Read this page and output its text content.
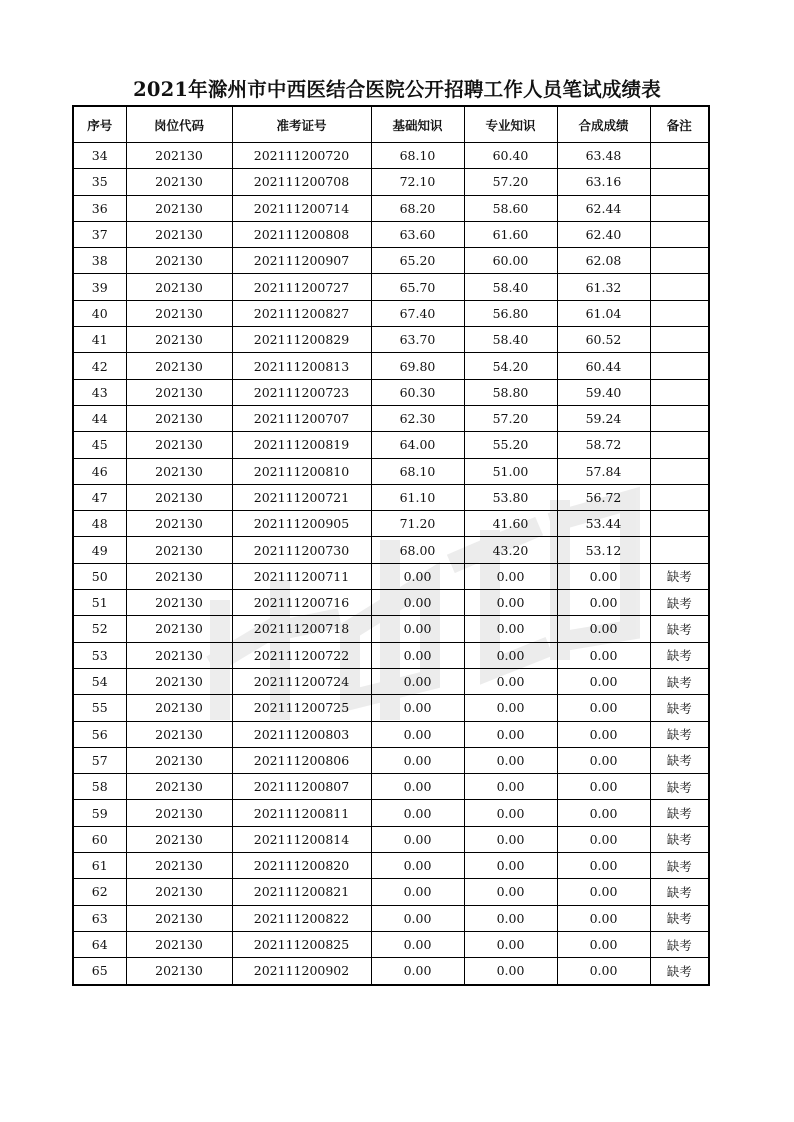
2021年滁州市中西医结合医院公开招聘工作人员笔试成绩表
序号	岗位代码	准考证号	基础知识	专业知识	合成成绩	备注
34	202130	202111200720	68.10	60.40	63.48	
35	202130	202111200708	72.10	57.20	63.16	
36	202130	202111200714	68.20	58.60	62.44	
37	202130	202111200808	63.60	61.60	62.40	
38	202130	202111200907	65.20	60.00	62.08	
39	202130	202111200727	65.70	58.40	61.32	
40	202130	202111200827	67.40	56.80	61.04	
41	202130	202111200829	63.70	58.40	60.52	
42	202130	202111200813	69.80	54.20	60.44	
43	202130	202111200723	60.30	58.80	59.40	
44	202130	202111200707	62.30	57.20	59.24	
45	202130	202111200819	64.00	55.20	58.72	
46	202130	202111200810	68.10	51.00	57.84	
47	202130	202111200721	61.10	53.80	56.72	
48	202130	202111200905	71.20	41.60	53.44	
49	202130	202111200730	68.00	43.20	53.12	
50	202130	202111200711	0.00	0.00	0.00	缺考
51	202130	202111200716	0.00	0.00	0.00	缺考
52	202130	202111200718	0.00	0.00	0.00	缺考
53	202130	202111200722	0.00	0.00	0.00	缺考
54	202130	202111200724	0.00	0.00	0.00	缺考
55	202130	202111200725	0.00	0.00	0.00	缺考
56	202130	202111200803	0.00	0.00	0.00	缺考
57	202130	202111200806	0.00	0.00	0.00	缺考
58	202130	202111200807	0.00	0.00	0.00	缺考
59	202130	202111200811	0.00	0.00	0.00	缺考
60	202130	202111200814	0.00	0.00	0.00	缺考
61	202130	202111200820	0.00	0.00	0.00	缺考
62	202130	202111200821	0.00	0.00	0.00	缺考
63	202130	202111200822	0.00	0.00	0.00	缺考
64	202130	202111200825	0.00	0.00	0.00	缺考
65	202130	202111200902	0.00	0.00	0.00	缺考
